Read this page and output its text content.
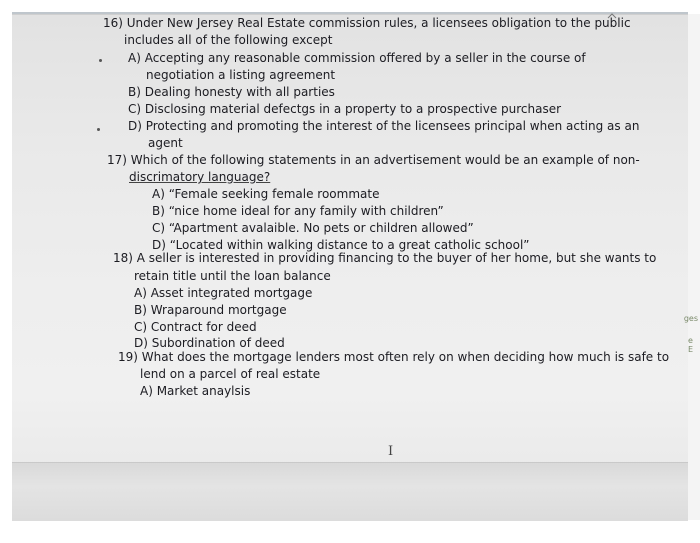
ges
e E
16) Under New Jersey Real Estate commission rules, a licensees obligation to the public
includes all of the following except
A) Accepting any reasonable commission offered by a seller in the course of
negotiation a listing agreement
B) Dealing honesty with all parties
C) Disclosing material defectgs in a property to a prospective purchaser
D) Protecting and promoting the interest of the licensees principal when acting as an
agent
17) Which of the following statements in an advertisement would be an example of non-
discrimatory language?
A) “Female seeking female roommate
B) “nice home ideal for any family with children”
C) “Apartment avalaible. No pets or children allowed”
D) “Located within walking distance to a great catholic school”
18) A seller is interested in providing financing to the buyer of her home, but she wants to
retain title until the loan balance
A) Asset integrated mortgage
B) Wraparound mortgage
C) Contract for deed
D) Subordination of deed
19) What does the mortgage lenders most often rely on when deciding how much is safe to
lend on a parcel of real estate
A) Market anaylsis
I
